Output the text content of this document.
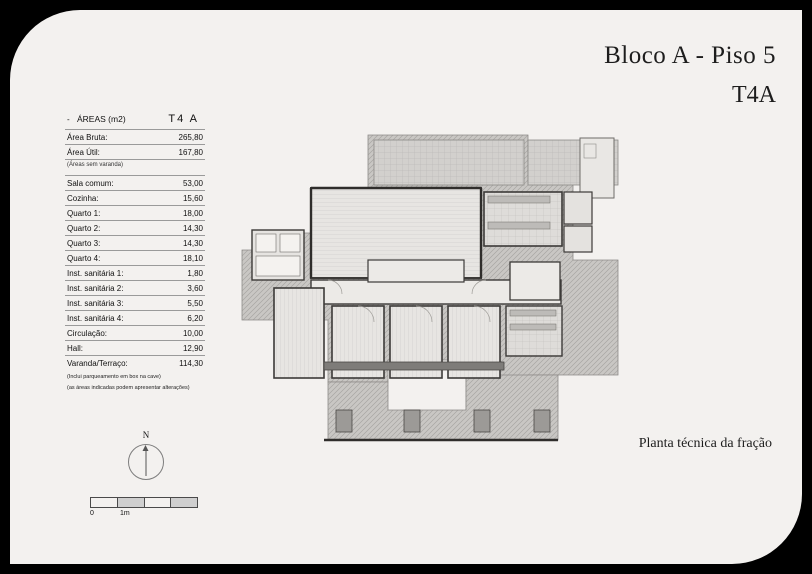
Bloco A - Piso 5
T4A
Planta técnica da fração
- ÁREAS (m2)	T4 A
Área Bruta:	265,80
Área Útil:	167,80
(Áreas sem varanda)
Sala comum:	53,00
Cozinha:	15,60
Quarto 1:	18,00
Quarto 2:	14,30
Quarto 3:	14,30
Quarto 4:	18,10
Inst. sanitária 1:	1,80
Inst. sanitária 2:	3,60
Inst. sanitária 3:	5,50
Inst. sanitária 4:	6,20
Circulação:	10,00
Hall:	12,90
Varanda/Terraço:	114,30
(Inclui parqueamento em box na cave)
(as áreas indicadas podem apresentar alterações)
N
0	1m
